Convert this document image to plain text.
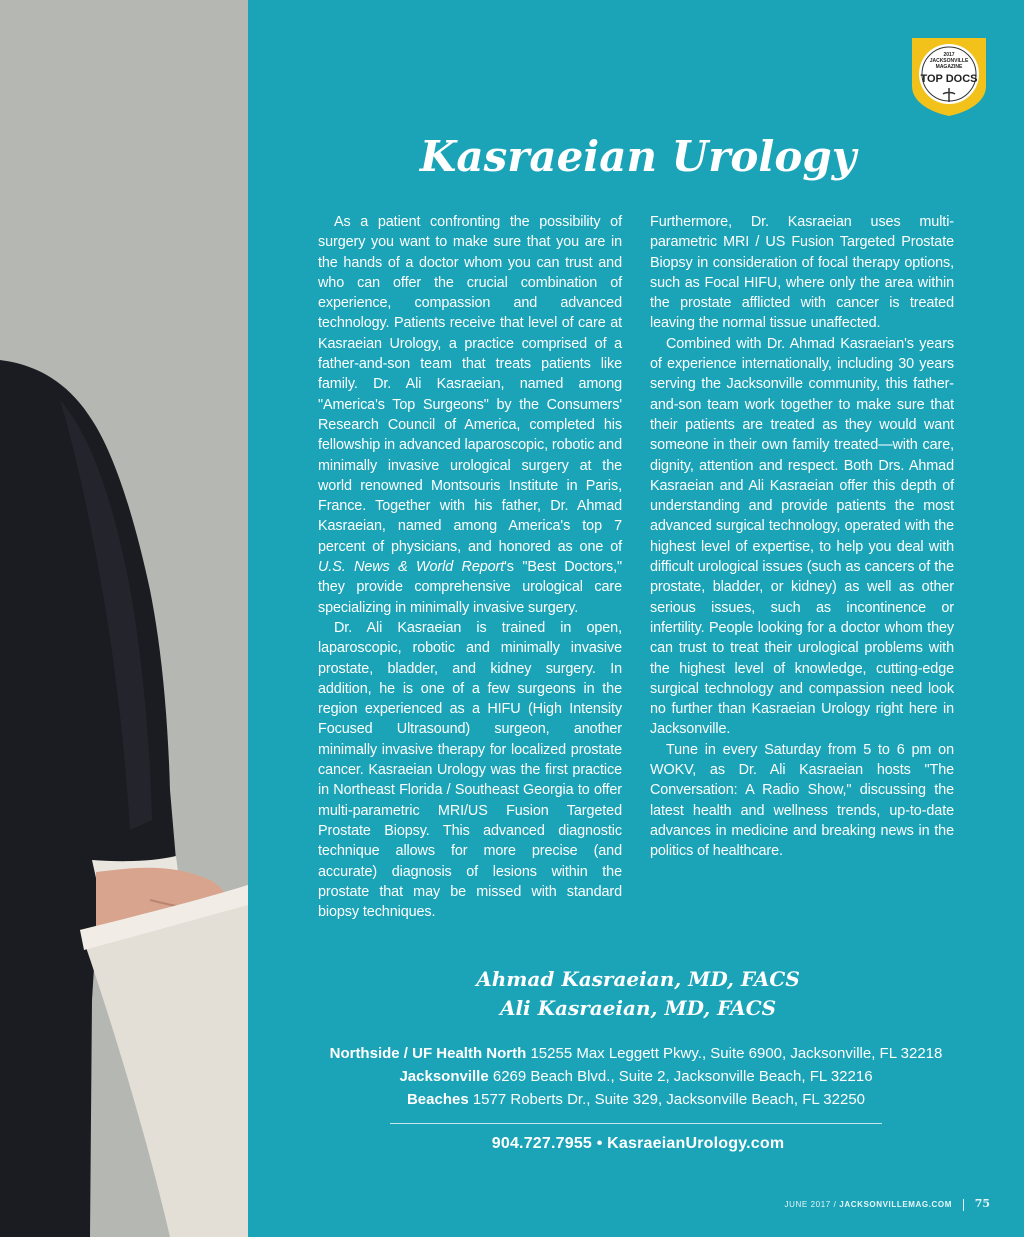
2017
JACKSONVILLE
MAGAZINE
TOP DOCS
Kasraeian Urology

As a patient confronting the possibility of surgery you want to make sure that you are in the hands of a doctor whom you can trust and who can offer the crucial combination of experience, compassion and advanced technology. Patients receive that level of care at Kasraeian Urology, a practice comprised of a father-and-son team that treats patients like family. Dr. Ali Kasraeian, named among "America's Top Surgeons" by the Consumers' Research Council of America, completed his fellowship in advanced laparoscopic, robotic and minimally invasive urological surgery at the world renowned Montsouris Institute in Paris, France. Together with his father, Dr. Ahmad Kasraeian, named among America's top 7 percent of physicians, and honored as one of U.S. News & World Report's "Best Doctors," they provide comprehensive urological care specializing in minimally invasive surgery.

Dr. Ali Kasraeian is trained in open, laparoscopic, robotic and minimally invasive prostate, bladder, and kidney surgery. In addition, he is one of a few surgeons in the region experienced as a HIFU (High Intensity Focused Ultrasound) surgeon, another minimally invasive therapy for localized prostate cancer. Kasraeian Urology was the first practice in Northeast Florida / Southeast Georgia to offer multi-parametric MRI/US Fusion Targeted Prostate Biopsy. This advanced diagnostic technique allows for more precise (and accurate) diagnosis of lesions within the prostate that may be missed with standard biopsy techniques.

Furthermore, Dr. Kasraeian uses multi-parametric MRI / US Fusion Targeted Prostate Biopsy in consideration of focal therapy options, such as Focal HIFU, where only the area within the prostate afflicted with cancer is treated leaving the normal tissue unaffected.

Combined with Dr. Ahmad Kasraeian's years of experience internationally, including 30 years serving the Jacksonville community, this father-and-son team work together to make sure that their patients are treated as they would want someone in their own family treated—with care, dignity, attention and respect. Both Drs. Ahmad Kasraeian and Ali Kasraeian offer this depth of understanding and provide patients the most advanced surgical technology, operated with the highest level of expertise, to help you deal with difficult urological issues (such as cancers of the prostate, bladder, or kidney) as well as other serious issues, such as incontinence or infertility. People looking for a doctor whom they can trust to treat their urological problems with the highest level of knowledge, cutting-edge surgical technology and compassion need look no further than Kasraeian Urology right here in Jacksonville.

Tune in every Saturday from 5 to 6 pm on WOKV, as Dr. Ali Kasraeian hosts "The Conversation: A Radio Show," discussing the latest health and wellness trends, up-to-date advances in medicine and breaking news in the politics of healthcare.

Ahmad Kasraeian, MD, FACS
Ali Kasraeian, MD, FACS
Northside / UF Health North 15255 Max Leggett Pkwy., Suite 6900, Jacksonville, FL 32218
Jacksonville 6269 Beach Blvd., Suite 2, Jacksonville Beach, FL 32216
Beaches 1577 Roberts Dr., Suite 329, Jacksonville Beach, FL 32250
904.727.7955 • KasraeianUrology.com
JUNE 2017 / JACKSONVILLEMAG.COM 75
